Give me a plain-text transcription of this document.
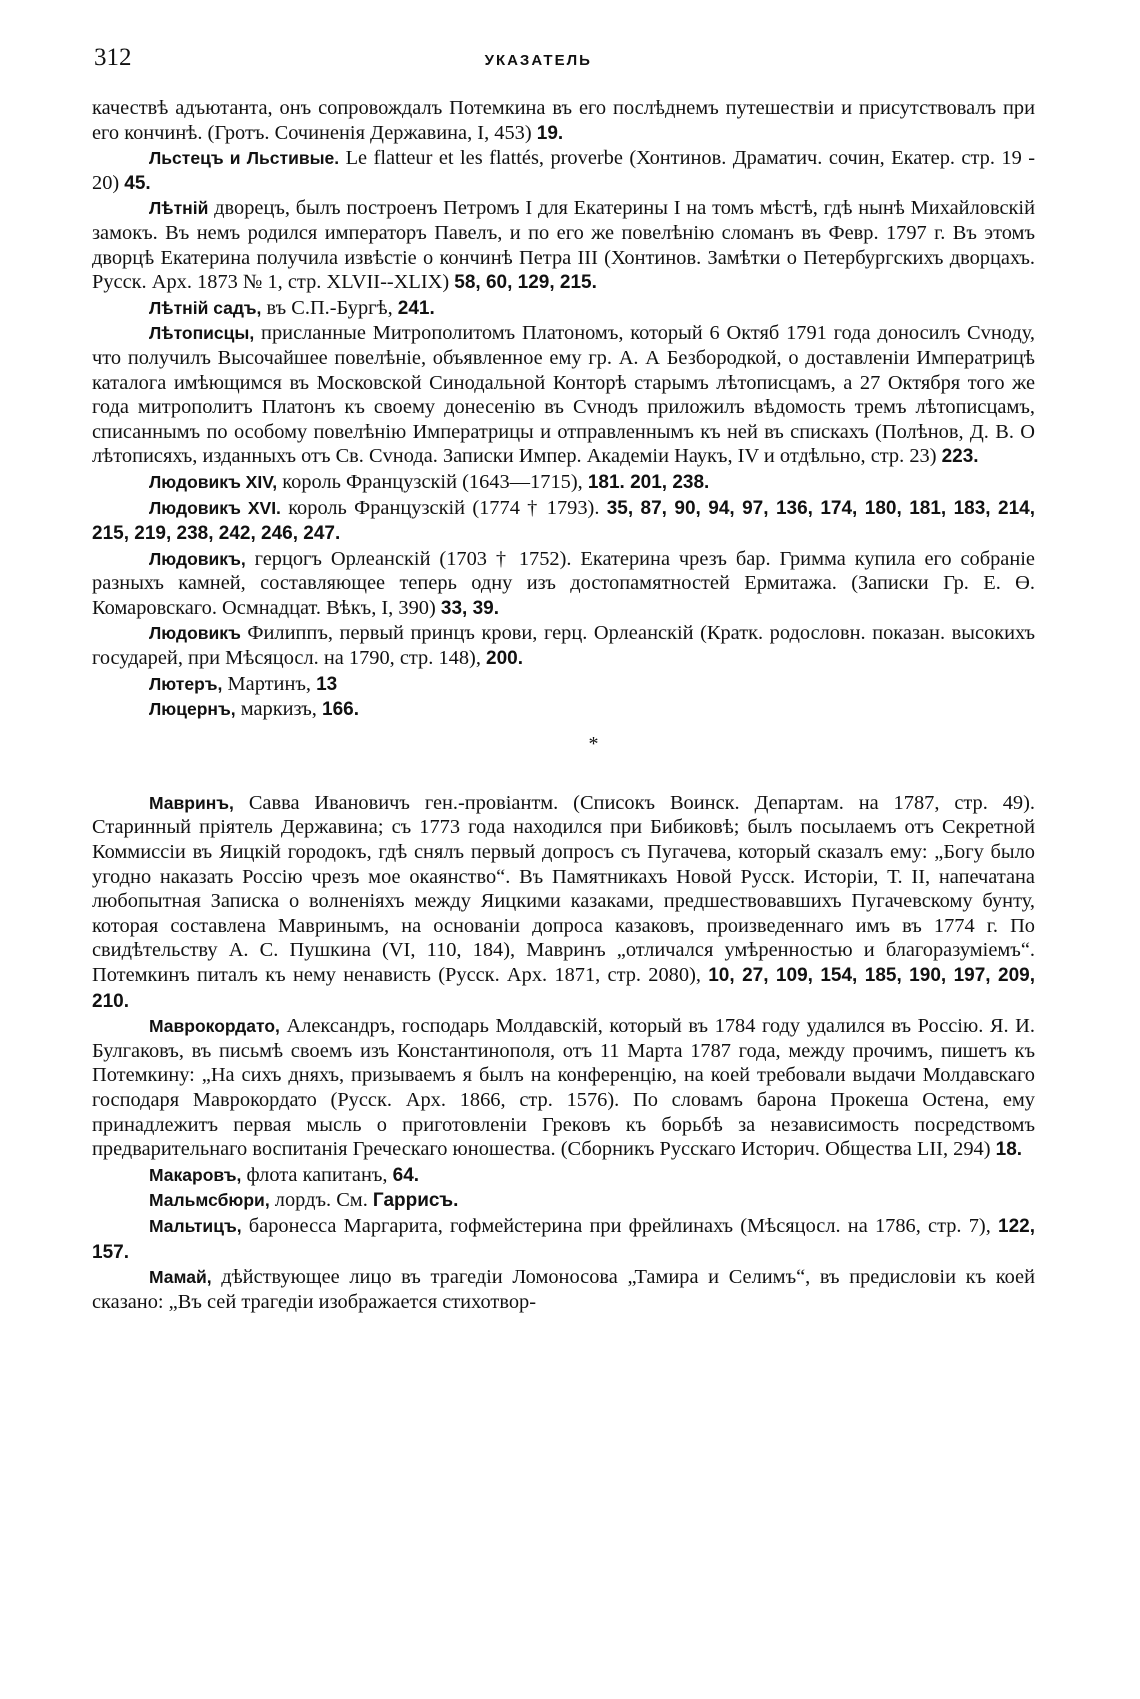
312	УКАЗАТЕЛЬ

качествѣ адъютанта, онъ сопровождалъ Потемкина въ его послѣднемъ путешествіи и присутствовалъ при его кончинѣ. (Гротъ. Сочиненія Державина, I, 453) 19.

Льстецъ и Льстивые. Le flatteur et les flattés, proverbe (Хонтинов. Драматич. сочин, Екатер. стр. 19 - 20) 45.

Лѣтній дворецъ, былъ построенъ Петромъ I для Екатерины I на томъ мѣстѣ, гдѣ нынѣ Михайловскій замокъ. Въ немъ родился императоръ Павелъ, и по его же повелѣнію сломанъ въ Февр. 1797 г. Въ этомъ дворцѣ Екатерина получила извѣстіе о кончинѣ Петра III (Хонтинов. Замѣтки о Петербургскихъ дворцахъ. Русск. Арх. 1873 № 1, стр. XLVII--XLIX) 58, 60, 129, 215.

Лѣтній садъ, въ С.П.-Бургѣ, 241.

Лѣтописцы, присланные Митрополитомъ Платономъ, который 6 Октяб 1791 года доносилъ Сvноду, что получилъ Высочайшее повелѣніе, объявленное ему гр. А. А Безбородкой, о доставленіи Императрицѣ каталога имѣющимся въ Московской Синодальной Конторѣ старымъ лѣтописцамъ, а 27 Октября того же года митрополитъ Платонъ къ своему донесенію въ Сvнодъ приложилъ вѣдомость тремъ лѣтописцамъ, списаннымъ по особому повелѣнію Императрицы и отправленнымъ къ ней въ спискахъ (Полѣнов, Д. В. О лѣтописяхъ, изданныхъ отъ Св. Сvнода. Записки Импер. Академіи Наукъ, IV и отдѣльно, стр. 23) 223.

Людовикъ XIV, король Французскій (1643—1715), 181. 201, 238.

Людовикъ XVI. король Французскій (1774 † 1793). 35, 87, 90, 94, 97, 136, 174, 180, 181, 183, 214, 215, 219, 238, 242, 246, 247.

Людовикъ, герцогъ Орлеанскій (1703 † 1752). Екатерина чрезъ бар. Гримма купила его собраніе разныхъ камней, составляющее теперь одну изъ достопамятностей Ермитажа. (Записки Гр. Е. Ө. Комаровскаго. Осмнадцат. Вѣкъ, I, 390) 33, 39.

Людовикъ Филиппъ, первый принцъ крови, герц. Орлеанскій (Кратк. родословн. показан. высокихъ государей, при Мѣсяцосл. на 1790, стр. 148), 200.

Лютеръ, Мартинъ, 13

Люцернъ, маркизъ, 166.

*

Мавринъ, Савва Ивановичъ ген.-провіантм. (Списокъ Воинск. Департам. на 1787, стр. 49). Старинный пріятель Державина; съ 1773 года находился при Бибиковѣ; былъ посылаемъ отъ Секретной Коммиссіи въ Яицкій городокъ, гдѣ снялъ первый допросъ съ Пугачева, который сказалъ ему: „Богу было угодно наказать Россію чрезъ мое окаянство“. Въ Памятникахъ Новой Русск. Исторіи, Т. II, напечатана любопытная Записка о волненіяхъ между Яицкими казаками, предшествовавшихъ Пугачевскому бунту, которая составлена Мавринымъ, на основаніи допроса казаковъ, произведеннаго имъ въ 1774 г. По свидѣтельству А. С. Пушкина (VI, 110, 184), Мавринъ „отличался умѣренностью и благоразуміемъ“. Потемкинъ питалъ къ нему ненависть (Русск. Арх. 1871, стр. 2080), 10, 27, 109, 154, 185, 190, 197, 209, 210.

Маврокордато, Александръ, господарь Молдавскій, который въ 1784 году удалился въ Россію. Я. И. Булгаковъ, въ письмѣ своемъ изъ Константинополя, отъ 11 Марта 1787 года, между прочимъ, пишетъ къ Потемкину: „На сихъ дняхъ, призываемъ я былъ на конференцію, на коей требовали выдачи Молдавскаго господаря Маврокордато (Русск. Арх. 1866, стр. 1576). По словамъ барона Прокеша Остена, ему принадлежитъ первая мысль о приготовленіи Грековъ къ борьбѣ за независимость посредствомъ предварительнаго воспитанія Греческаго юношества. (Сборникъ Русскаго Историч. Общества LII, 294) 18.

Макаровъ, флота капитанъ, 64.

Мальмсбюри, лордъ. См. Гаррисъ.

Мальтицъ, баронесса Маргарита, гофмейстерина при фрейлинахъ (Мѣсяцосл. на 1786, стр. 7), 122, 157.

Мамай, дѣйствующее лицо въ трагедіи Ломоносова „Тамира и Селимъ“, въ предисловіи къ коей сказано: „Въ сей трагедіи изображается стихотвор-
